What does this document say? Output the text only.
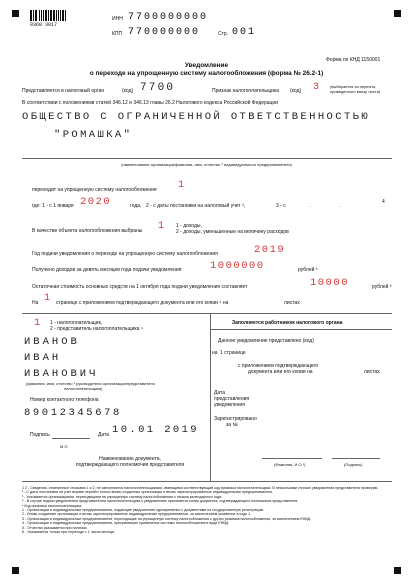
0360 3017
ИНН 7700000000
КПП 770000000	Стр. 001
Форма по КНД 1150001
Уведомление
о переходе на упрощенную систему налогообложения (форма № 26.2-1)
Представляется в налоговый орган	(код) 7700	Признак налогоплательщика (код) 3 (выбирается из перечня,
приведенного внизу листа)
В соответствии с положениями статей 346.12 и 346.13 главы 26.2 Налогового кодекса Российской Федерации
ОБЩЕСТВО С ОГРАНИЧЕННОЙ ОТВЕТСТВЕННОСТЬЮ
"РОМАШКА"
(наименование организации/фамилия, имя, отчество ¹ индивидуального предпринимателя)
переходит на упрощенную систему налогообложения 1
где: 1 - с 1 января 2020	года, 2 - с даты постановки на налоговый учет ²,	3 - с	.	.
4
В качестве объекта налогообложения выбраны 1 1 - доходы,
2 - доходы, уменьшенные на величину расходов
Год подачи уведомления о переходе на упрощенную систему налогообложения	2019
Получено доходов за девять месяцев года подачи уведомления	1000000	рублей ³
Остаточная стоимость основных средств на 1 октября года подачи уведомления составляет	10000	рублей ³
На 1 странице с приложением подтверждающего документа или его копии ⁴ на	листах
1 1 - налогоплательщик,
2 - представитель налогоплательщика ⁴
ИВАНОВ
ИВАН
ИВАНОВИЧ
(фамилия, имя, отчество ¹ руководителя организации/представителя
налогоплательщика)
Номер контактного телефона
89012345678
Подпись	Дата 10.01 2019
М.П.
Наименование документа,
подтверждающего полномочия представителя
Заполняется работником налогового органа
Данное уведомление представлено (код)
на 1 странице
с приложением подтверждающего
документа или его копии на	листах
Дата
представления
уведомления
Зарегистрировано
за №
(Фамилия, И.О.¹)	(Подпись)
1 2 - Сведения, отмеченные сносками 1 и 2, не заполняются налогоплательщиками, имеющими соответствующий код признака налогоплательщика. В несколькими строках уведомления представителя проверяю.
² - С даты постановки на учет вправе перейти только вновь созданные организации и вновь зарегистрированные индивидуальные предприниматели.
³ - Указывается организациями, переходящими на упрощенную систему налогообложения с начала календарного года.
⁴ - В случае подачи уведомления представителем налогоплательщика к уведомлению прилагается копия документа, подтверждающего полномочия представителя.
* Код признака налогоплательщика:
1 - Организации и индивидуальные предприниматели, подающие уведомление одновременно с документами на государственную регистрацию.
2 - Вновь созданные организации и вновь зарегистрированные индивидуальные предприниматели, за исключением указанных в коде 1.
3 - Организации и индивидуальные предприниматели, переходящие на упрощенную систему налогообложения с других режимов налогообложения, за исключением ЕНВД.
4 - Организации и индивидуальные предприниматели, прекратившие применение системы налогообложения в виде ЕНВД.
5 - Отчество указывается при наличии.
6 - Указывается только при переходе с 1 числа месяца.
